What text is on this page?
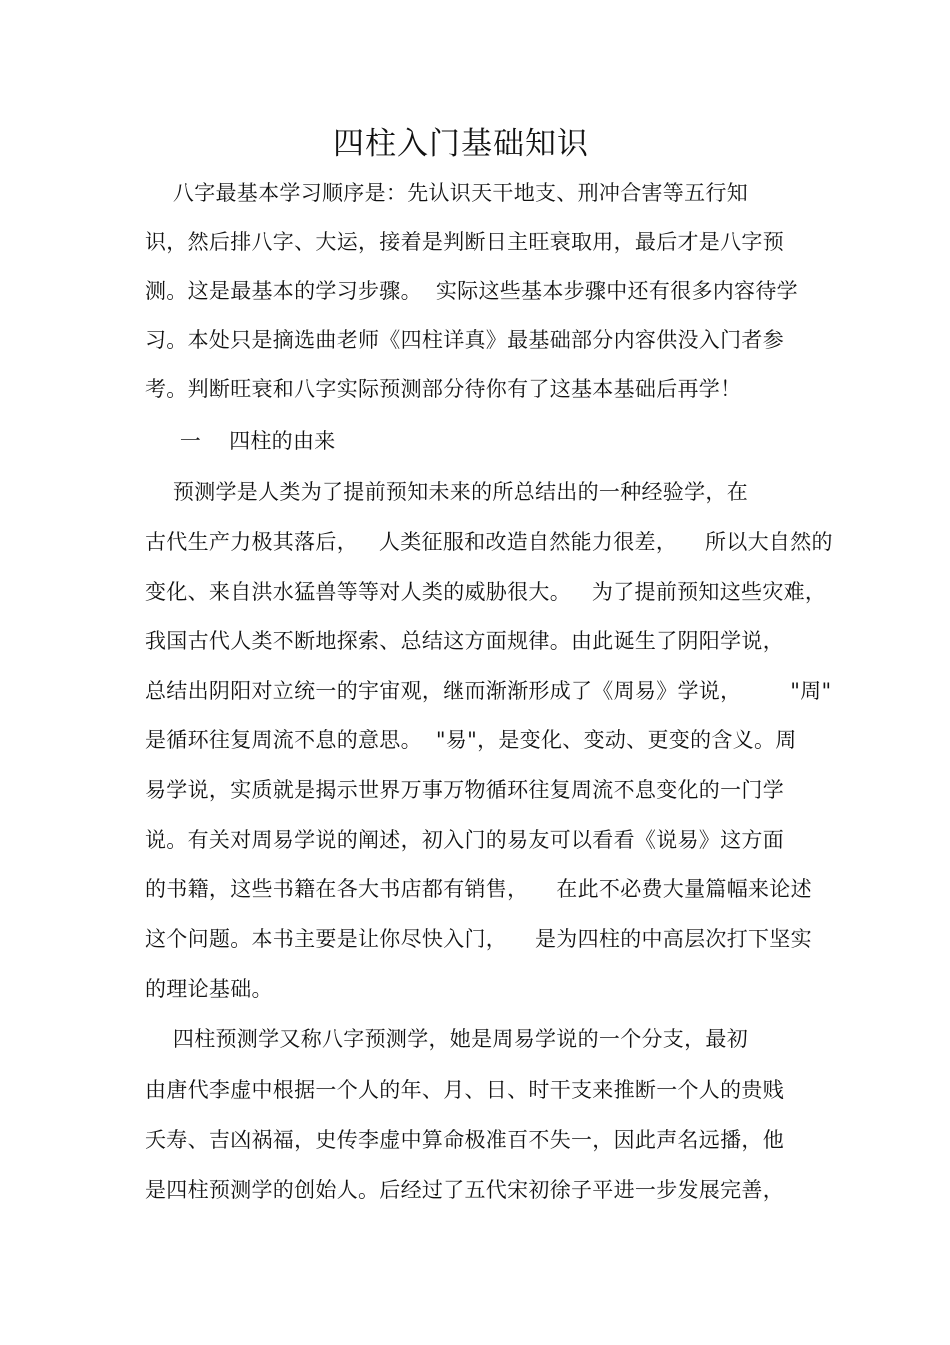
四柱入门基础知识
八字最基本学习顺序是：先认识天干地支、刑冲合害等五行知
识，然后排八字、大运，接着是判断日主旺衰取用，最后才是八字预
测。这是最基本的学习步骤。  实际这些基本步骤中还有很多内容待学
习。本处只是摘选曲老师《四柱详真》最基础部分内容供没入门者参
考。判断旺衰和八字实际预测部分待你有了这基本基础后再学！
一    四柱的由来
预测学是人类为了提前预知未来的所总结出的一种经验学，在
古代生产力极其落后，   人类征服和改造自然能力很差，    所以大自然的
变化、来自洪水猛兽等等对人类的威胁很大。   为了提前预知这些灾难，
我国古代人类不断地探索、总结这方面规律。由此诞生了阴阳学说，
总结出阴阳对立统一的宇宙观，继而渐渐形成了《周易》学说，       "周"
是循环往复周流不息的意思。  "易"，是变化、变动、更变的含义。周
易学说，实质就是揭示世界万事万物循环往复周流不息变化的一门学
说。有关对周易学说的阐述，初入门的易友可以看看《说易》这方面
的书籍，这些书籍在各大书店都有销售，    在此不必费大量篇幅来论述
这个问题。本书主要是让你尽快入门，    是为四柱的中高层次打下坚实
的理论基础。
四柱预测学又称八字预测学，她是周易学说的一个分支，最初
由唐代李虚中根据一个人的年、月、日、时干支来推断一个人的贵贱
夭寿、吉凶祸福，史传李虚中算命极准百不失一，因此声名远播，他
是四柱预测学的创始人。后经过了五代宋初徐子平进一步发展完善，
